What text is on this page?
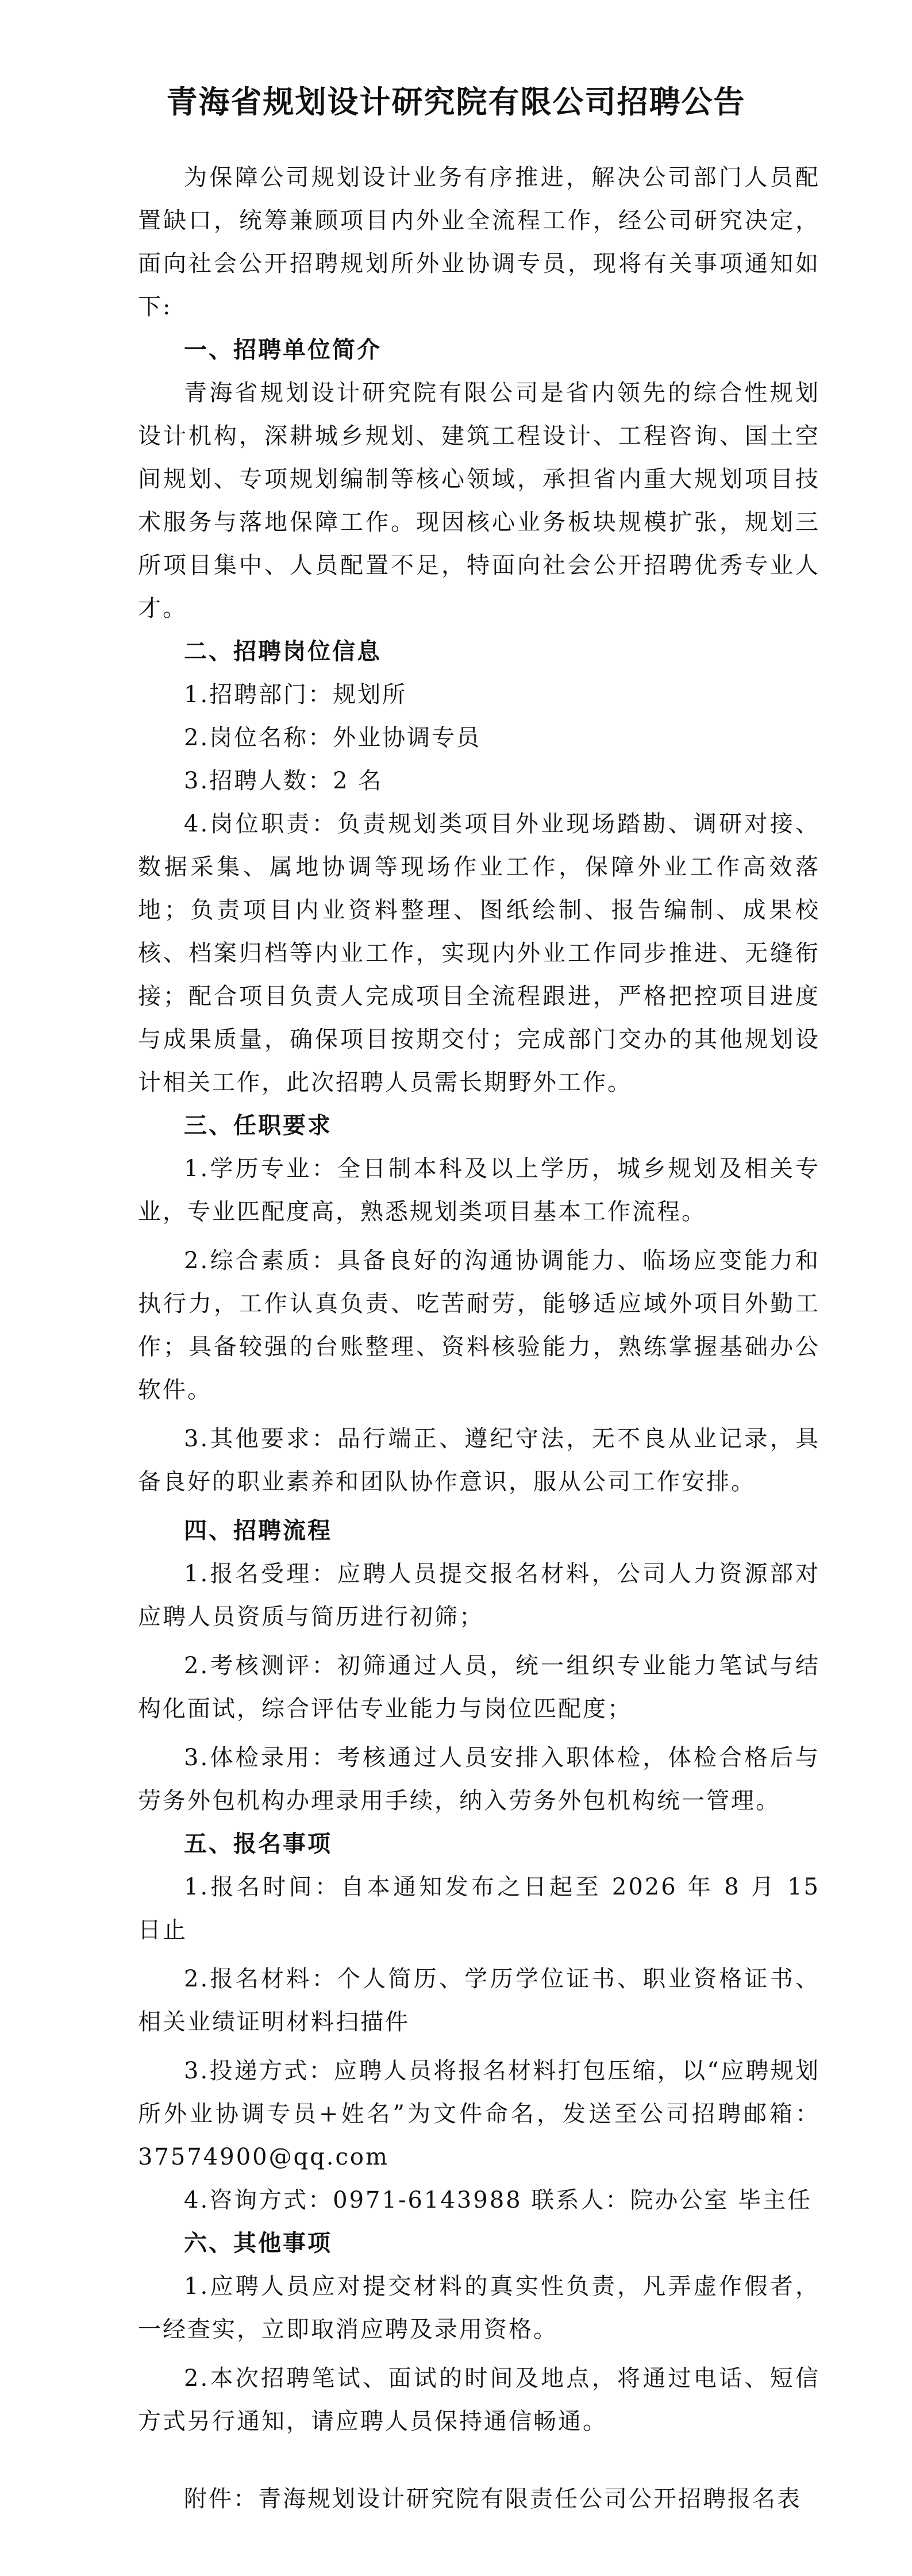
青海省规划设计研究院有限公司招聘公告

为保障公司规划设计业务有序推进，解决公司部门人员配置缺口，统筹兼顾项目内外业全流程工作，经公司研究决定，面向社会公开招聘规划所外业协调专员，现将有关事项通知如下:

一、招聘单位简介

青海省规划设计研究院有限公司是省内领先的综合性规划设计机构，深耕城乡规划、建筑工程设计、工程咨询、国土空间规划、专项规划编制等核心领域，承担省内重大规划项目技术服务与落地保障工作。现因核心业务板块规模扩张，规划三所项目集中、人员配置不足，特面向社会公开招聘优秀专业人才。

二、招聘岗位信息

1.招聘部门：规划所

2.岗位名称：外业协调专员

3.招聘人数：2 名

4.岗位职责：负责规划类项目外业现场踏勘、调研对接、数据采集、属地协调等现场作业工作，保障外业工作高效落地；负责项目内业资料整理、图纸绘制、报告编制、成果校核、档案归档等内业工作，实现内外业工作同步推进、无缝衔接；配合项目负责人完成项目全流程跟进，严格把控项目进度与成果质量，确保项目按期交付；完成部门交办的其他规划设计相关工作，此次招聘人员需长期野外工作。

三、任职要求

1.学历专业：全日制本科及以上学历，城乡规划及相关专业，专业匹配度高，熟悉规划类项目基本工作流程。

2.综合素质：具备良好的沟通协调能力、临场应变能力和执行力，工作认真负责、吃苦耐劳，能够适应域外项目外勤工作；具备较强的台账整理、资料核验能力，熟练掌握基础办公软件。

3.其他要求：品行端正、遵纪守法，无不良从业记录，具备良好的职业素养和团队协作意识，服从公司工作安排。

四、招聘流程

1.报名受理：应聘人员提交报名材料，公司人力资源部对应聘人员资质与简历进行初筛；

2.考核测评：初筛通过人员，统一组织专业能力笔试与结构化面试，综合评估专业能力与岗位匹配度；

3.体检录用：考核通过人员安排入职体检，体检合格后与劳务外包机构办理录用手续，纳入劳务外包机构统一管理。

五、报名事项

1.报名时间：自本通知发布之日起至 2026 年 8 月 15 日止

2.报名材料：个人简历、学历学位证书、职业资格证书、相关业绩证明材料扫描件

3.投递方式：应聘人员将报名材料打包压缩，以“应聘规划所外业协调专员+姓名”为文件命名，发送至公司招聘邮箱：37574900@qq.com

4.咨询方式：0971-6143988 联系人：院办公室 毕主任

六、其他事项

1.应聘人员应对提交材料的真实性负责，凡弄虚作假者，一经查实，立即取消应聘及录用资格。

2.本次招聘笔试、面试的时间及地点，将通过电话、短信方式另行通知，请应聘人员保持通信畅通。

附件：青海规划设计研究院有限责任公司公开招聘报名表
